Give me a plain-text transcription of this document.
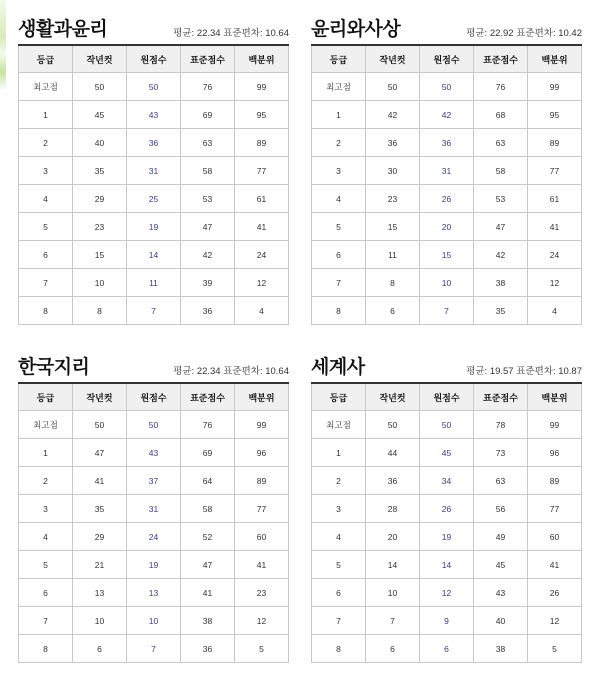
생활과윤리	평균: 22.34 표준편차: 10.64
등급	작년컷	원점수	표준점수	백분위
최고점	50	50	76	99
1	45	43	69	95
2	40	36	63	89
3	35	31	58	77
4	29	25	53	61
5	23	19	47	41
6	15	14	42	24
7	10	11	39	12
8	8	7	36	4
윤리와사상	평균: 22.92 표준편차: 10.42
등급	작년컷	원점수	표준점수	백분위
최고점	50	50	76	99
1	42	42	68	95
2	36	36	63	89
3	30	31	58	77
4	23	26	53	61
5	15	20	47	41
6	11	15	42	24
7	8	10	38	12
8	6	7	35	4
한국지리	평균: 22.34 표준편차: 10.64
등급	작년컷	원점수	표준점수	백분위
최고점	50	50	76	99
1	47	43	69	96
2	41	37	64	89
3	35	31	58	77
4	29	24	52	60
5	21	19	47	41
6	13	13	41	23
7	10	10	38	12
8	6	7	36	5
세계사	평균: 19.57 표준편차: 10.87
등급	작년컷	원점수	표준점수	백분위
최고점	50	50	78	99
1	44	45	73	96
2	36	34	63	89
3	28	26	56	77
4	20	19	49	60
5	14	14	45	41
6	10	12	43	26
7	7	9	40	12
8	6	6	38	5
